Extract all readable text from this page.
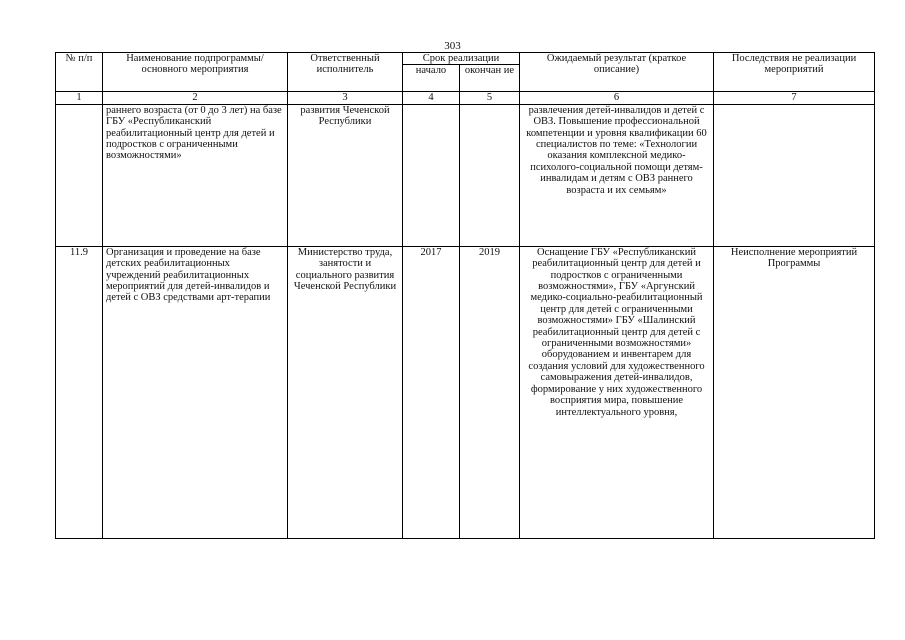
303
№ п/п	Наименование подпрограммы/ основного мероприятия	Ответственный исполнитель	Срок реализации		Ожидаемый результат (краткое описание)	Последствия не реализации мероприятий
			начало	окончан ие		
1	2	3	4	5	6	7
	раннего возраста (от 0 до 3 лет) на базе ГБУ «Республиканский реабилитационный центр для детей и подростков с ограниченными возможностями»	развития Чеченской Республики			развлечения детей-инвалидов и детей с ОВЗ. Повышение профессиональной компетенции и уровня квалификации 60 специалистов по теме: «Технологии оказания комплексной медико-психолого-социальной помощи детям-инвалидам и детям с ОВЗ раннего возраста и их семьям»	
11.9	Организация и проведение на базе детских реабилитационных учреждений реабилитационных мероприятий для детей-инвалидов и детей с ОВЗ средствами арт-терапии	Министерство труда, занятости и социального развития Чеченской Республики	2017	2019	Оснащение ГБУ «Республиканский реабилитационный центр для детей и подростков с ограниченными возможностями», ГБУ «Аргунский медико-социально-реабилитационный центр для детей с ограниченными возможностями» ГБУ «Шалинский реабилитационный центр для детей с ограниченными возможностями» оборудованием и инвентарем для создания условий для художественного самовыражения детей-инвалидов, формирование у них художественного восприятия мира, повышение интеллектуального уровня,	Неисполнение мероприятий Программы
